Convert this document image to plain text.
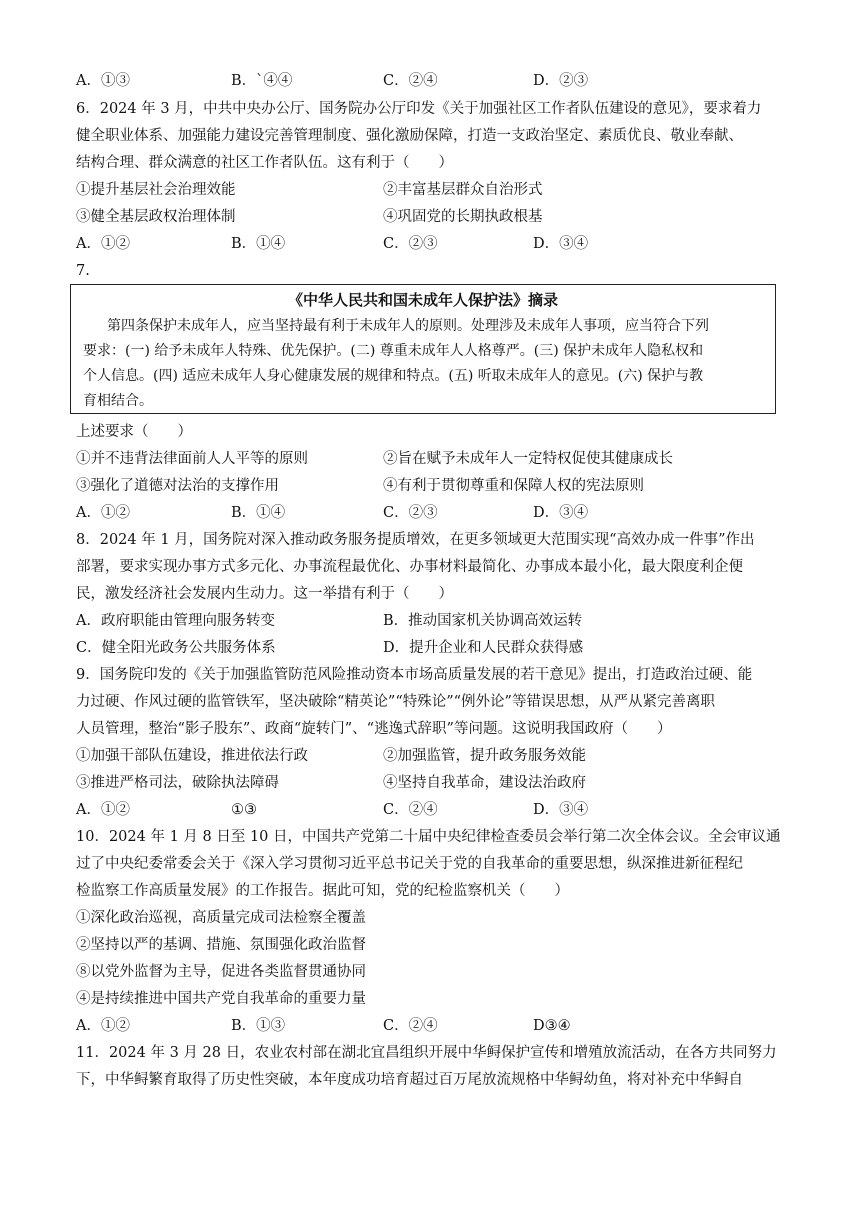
A．①③	B．`④④	C．②④	D．②③
6．2024 年 3 月，中共中央办公厅、国务院办公厅印发《关于加强社区工作者队伍建设的意见》，要求着力
健全职业体系、加强能力建设完善管理制度、强化激励保障，打造一支政治坚定、素质优良、敬业奉献、
结构合理、群众满意的社区工作者队伍。这有利于（　　）
①提升基层社会治理效能	②丰富基层群众自治形式
③健全基层政权治理体制	④巩固党的长期执政根基
A．①②	B．①④	C．②③	D．③④
7.
《中华人民共和国未成年人保护法》摘录
第四条保护未成年人，应当坚持最有利于未成年人的原则。处理涉及未成年人事项，应当符合下列
要求：(一) 给予未成年人特殊、优先保护。(二) 尊重未成年人人格尊严。(三) 保护未成年人隐私权和
个人信息。(四) 适应未成年人身心健康发展的规律和特点。(五) 听取未成年人的意见。(六) 保护与教
育相结合。
上述要求（　　）
①并不违背法律面前人人平等的原则	②旨在赋予未成年人一定特权促使其健康成长
③强化了道德对法治的支撑作用	④有利于贯彻尊重和保障人权的宪法原则
A．①②	B．①④	C．②③	D．③④
8．2024 年 1 月，国务院对深入推动政务服务提质增效，在更多领域更大范围实现“高效办成一件事”作出
部署，要求实现办事方式多元化、办事流程最优化、办事材料最简化、办事成本最小化，最大限度利企便
民，激发经济社会发展内生动力。这一举措有利于（　　）
A．政府职能由管理向服务转变	B．推动国家机关协调高效运转
C．健全阳光政务公共服务体系	D．提升企业和人民群众获得感
9．国务院印发的《关于加强监管防范风险推动资本市场高质量发展的若干意见》提出，打造政治过硬、能
力过硬、作风过硬的监管铁军，坚决破除“精英论”“特殊论”“例外论”等错误思想，从严从紧完善离职
人员管理，整治“影子股东”、政商“旋转门”、“逃逸式辞职”等问题。这说明我国政府（　　）
①加强干部队伍建设，推进依法行政	②加强监管，提升政务服务效能
③推进严格司法，破除执法障碍	④坚持自我革命，建设法治政府
A．①②	①③	C．②④	D．③④
10．2024 年 1 月 8 日至 10 日，中国共产党第二十届中央纪律检查委员会举行第二次全体会议。全会审议通
过了中央纪委常委会关于《深入学习贯彻习近平总书记关于党的自我革命的重要思想，纵深推进新征程纪
检监察工作高质量发展》的工作报告。据此可知，党的纪检监察机关（　　）
①深化政治巡视，高质量完成司法检察全覆盖
②坚持以严的基调、措施、氛围强化政治监督
⑧以党外监督为主导，促进各类监督贯通协同
④是持续推进中国共产党自我革命的重要力量
A．①②	B．①③	C．②④	D③④
11．2024 年 3 月 28 日，农业农村部在湖北宜昌组织开展中华鲟保护宣传和增殖放流活动，在各方共同努力
下，中华鲟繁育取得了历史性突破，本年度成功培育超过百万尾放流规格中华鲟幼鱼，将对补充中华鲟自
